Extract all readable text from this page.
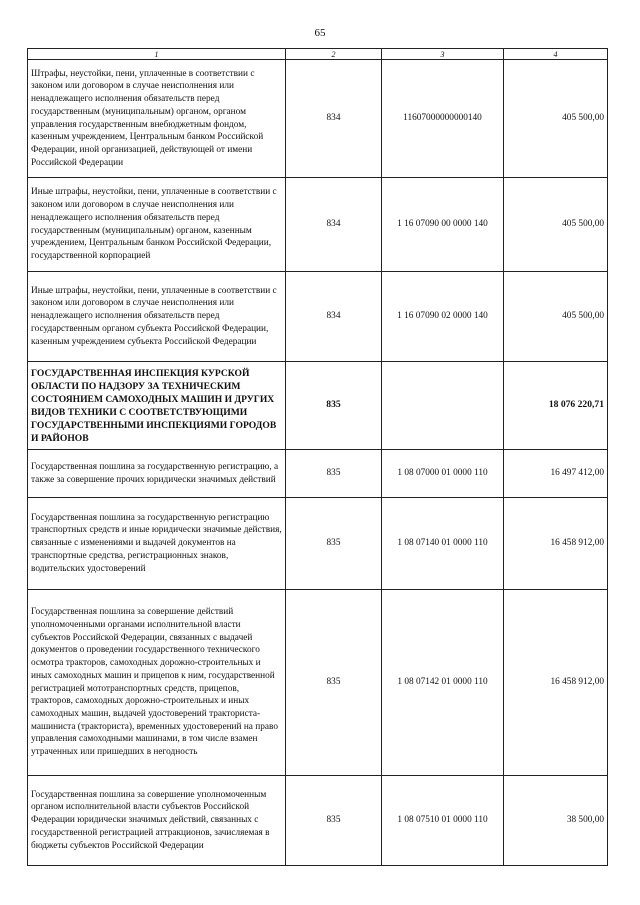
65
1	2	3	4
Штрафы, неустойки, пени, уплаченные в соответствии с законом или договором в случае неисполнения или ненадлежащего исполнения обязательств перед государственным (муниципальным) органом, органом управления государственным внебюджетным фондом, казенным учреждением, Центральным банком Российской Федерации, иной организацией, действующей от имени Российской Федерации	834	11607000000000140	405 500,00
Иные штрафы, неустойки, пени, уплаченные в соответствии с законом или договором в случае неисполнения или ненадлежащего исполнения обязательств перед государственным (муниципальным) органом, казенным учреждением, Центральным банком Российской Федерации, государственной корпорацией	834	1 16 07090 00 0000 140	405 500,00
Иные штрафы, неустойки, пени, уплаченные в соответствии с законом или договором в случае неисполнения или ненадлежащего исполнения обязательств перед государственным органом субъекта Российской Федерации, казенным учреждением субъекта Российской Федерации	834	1 16 07090 02 0000 140	405 500,00
ГОСУДАРСТВЕННАЯ ИНСПЕКЦИЯ КУРСКОЙ ОБЛАСТИ ПО НАДЗОРУ ЗА ТЕХНИЧЕСКИМ СОСТОЯНИЕМ САМОХОДНЫХ МАШИН И ДРУГИХ ВИДОВ ТЕХНИКИ С СООТВЕТСТВУЮЩИМИ ГОСУДАРСТВЕННЫМИ ИНСПЕКЦИЯМИ ГОРОДОВ И РАЙОНОВ	835		18 076 220,71
Государственная пошлина за государственную регистрацию, а также за совершение прочих юридически значимых действий	835	1 08 07000 01 0000 110	16 497 412,00
Государственная пошлина за государственную регистрацию транспортных средств и иные юридически значимые действия, связанные с изменениями и выдачей документов на транспортные средства, регистрационных знаков, водительских удостоверений	835	1 08 07140 01 0000 110	16 458 912,00
Государственная пошлина за совершение действий уполномоченными органами исполнительной власти субъектов Российской Федерации, связанных с выдачей документов о проведении государственного технического осмотра тракторов, самоходных дорожно-строительных и иных самоходных машин и прицепов к ним, государственной регистрацией мототранспортных средств, прицепов, тракторов, самоходных дорожно-строительных и иных самоходных машин, выдачей удостоверений тракториста-машиниста (тракториста), временных удостоверений на право управления самоходными машинами, в том числе взамен утраченных или пришедших в негодность	835	1 08 07142 01 0000 110	16 458 912,00
Государственная пошлина за совершение уполномоченным органом исполнительной власти субъектов Российской Федерации юридически значимых действий, связанных с государственной регистрацией аттракционов, зачисляемая в бюджеты субъектов Российской Федерации	835	1 08 07510 01 0000 110	38 500,00
